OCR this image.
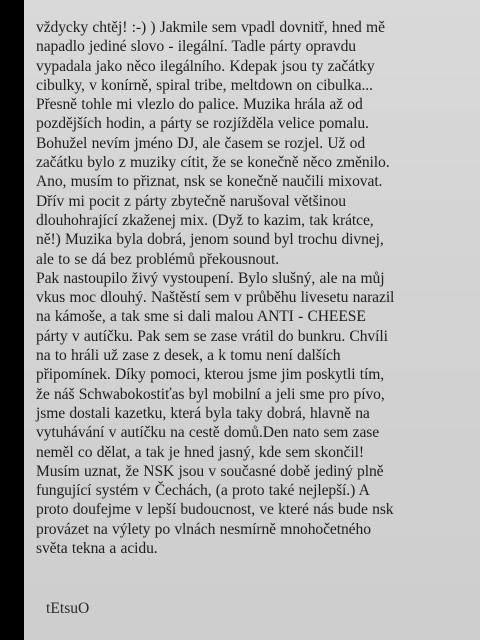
vždycky chtěj! :-) ) Jakmile sem vpadl dovnitř, hned mě
napadlo jediné slovo - ilegální. Tadle párty opravdu
vypadala jako něco ilegálního. Kdepak jsou ty začátky
cibulky, v konírně, spiral tribe, meltdown on cibulka...
Přesně tohle mi vlezlo do palice. Muzika hrála až od
pozdějších hodin, a párty se rozjížděla velice pomalu.
Bohužel nevím jméno DJ, ale časem se rozjel. Už od
začátku bylo z muziky cítit, že se konečně něco změnilo.
Ano, musím to přiznat, nsk se konečně naučili mixovat.
Dřív mi pocit z párty zbytečně narušoval většinou
dlouhohrající zkaženej mix. (Dyž to kazim, tak krátce,
ně!) Muzika byla dobrá, jenom sound byl trochu divnej,
ale to se dá bez problémů překousnout.
Pak nastoupilo živý vystoupení. Bylo slušný, ale na můj
vkus moc dlouhý. Naštěstí sem v průběhu livesetu narazil
na kámoše, a tak sme si dali malou ANTI - CHEESE
párty v autíčku. Pak sem se zase vrátil do bunkru. Chvíli
na to hráli už zase z desek, a k tomu není dalších
připomínek. Díky pomoci, kterou jsme jim poskytli tím,
že náš Schwabokostiťas byl mobilní a jeli sme pro pívo,
jsme dostali kazetku, která byla taky dobrá, hlavně na
vytuhávání v autíčku na cestě domů.Den nato sem zase
neměl co dělat, a tak je hned jasný, kde sem skončil!
Musím uznat, že NSK jsou v současné době jediný plně
fungující systém v Čechách, (a proto také nejlepší.) A
proto doufejme v lepší budoucnost, ve které nás bude nsk
provázet na výlety po vlnách nesmírně mnohočetného
světa tekna a acidu.
tEtsuO
